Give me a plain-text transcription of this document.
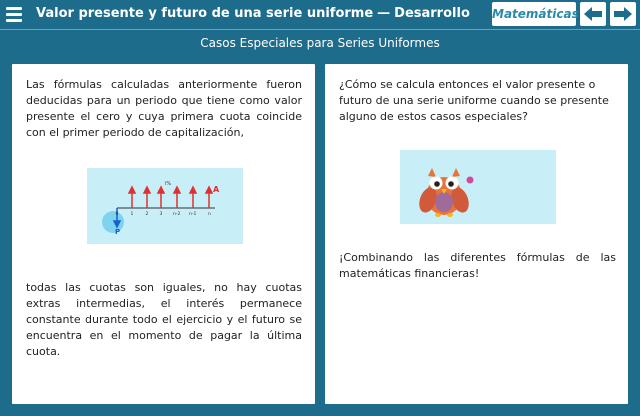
Valor presente y futuro de una serie uniforme — Desarrollo Matemáticas
Casos Especiales para Series Uniformes

Las fórmulas calculadas anteriormente fueron deducidas para un periodo que tiene como valor presente el cero y cuya primera cuota coincide con el primer periodo de capitalización,

i%
A
P
0	1	2 3 n-2 n-1	n

todas las cuotas son iguales, no hay cuotas extras intermedias, el interés permanece constante durante todo el ejercicio y el futuro se encuentra en el momento de pagar la última cuota.

¿Cómo se calcula entonces el valor presente o futuro de una serie uniforme cuando se presente alguno de estos casos especiales?

¡Combinando las diferentes fórmulas de las matemáticas financieras!
